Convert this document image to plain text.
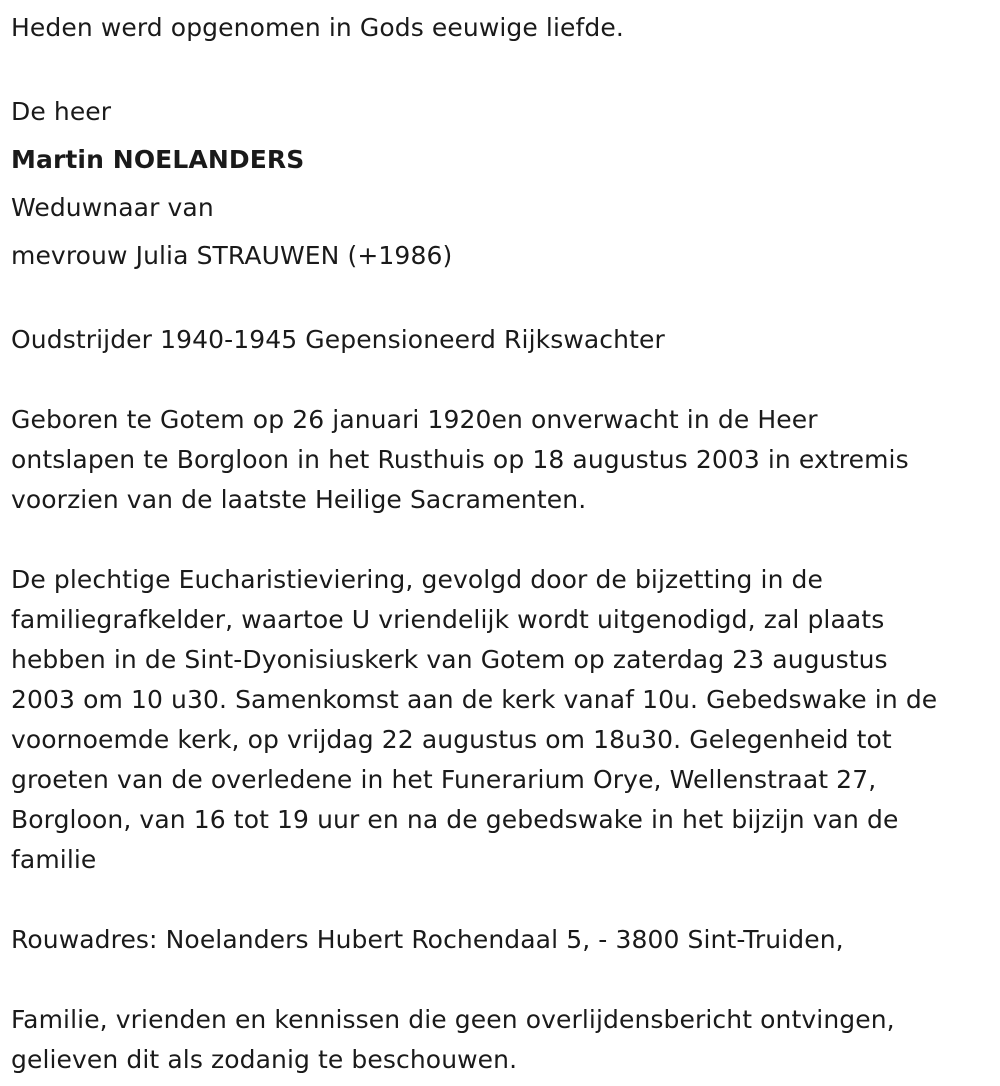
Heden werd opgenomen in Gods eeuwige liefde.
De heer
Martin NOELANDERS
Weduwnaar van
mevrouw Julia STRAUWEN (+1986)
Oudstrijder 1940-1945 Gepensioneerd Rijkswachter
Geboren te Gotem op 26 januari 1920en onverwacht in de Heer
ontslapen te Borgloon in het Rusthuis op 18 augustus 2003 in extremis
voorzien van de laatste Heilige Sacramenten.
De plechtige Eucharistieviering, gevolgd door de bijzetting in de
familiegrafkelder, waartoe U vriendelijk wordt uitgenodigd, zal plaats
hebben in de Sint-Dyonisiuskerk van Gotem op zaterdag 23 augustus
2003 om 10 u30. Samenkomst aan de kerk vanaf 10u. Gebedswake in de
voornoemde kerk, op vrijdag 22 augustus om 18u30. Gelegenheid tot
groeten van de overledene in het Funerarium Orye, Wellenstraat 27,
Borgloon, van 16 tot 19 uur en na de gebedswake in het bijzijn van de
familie
Rouwadres: Noelanders Hubert Rochendaal 5, - 3800 Sint-Truiden,
Familie, vrienden en kennissen die geen overlijdensbericht ontvingen,
gelieven dit als zodanig te beschouwen.
